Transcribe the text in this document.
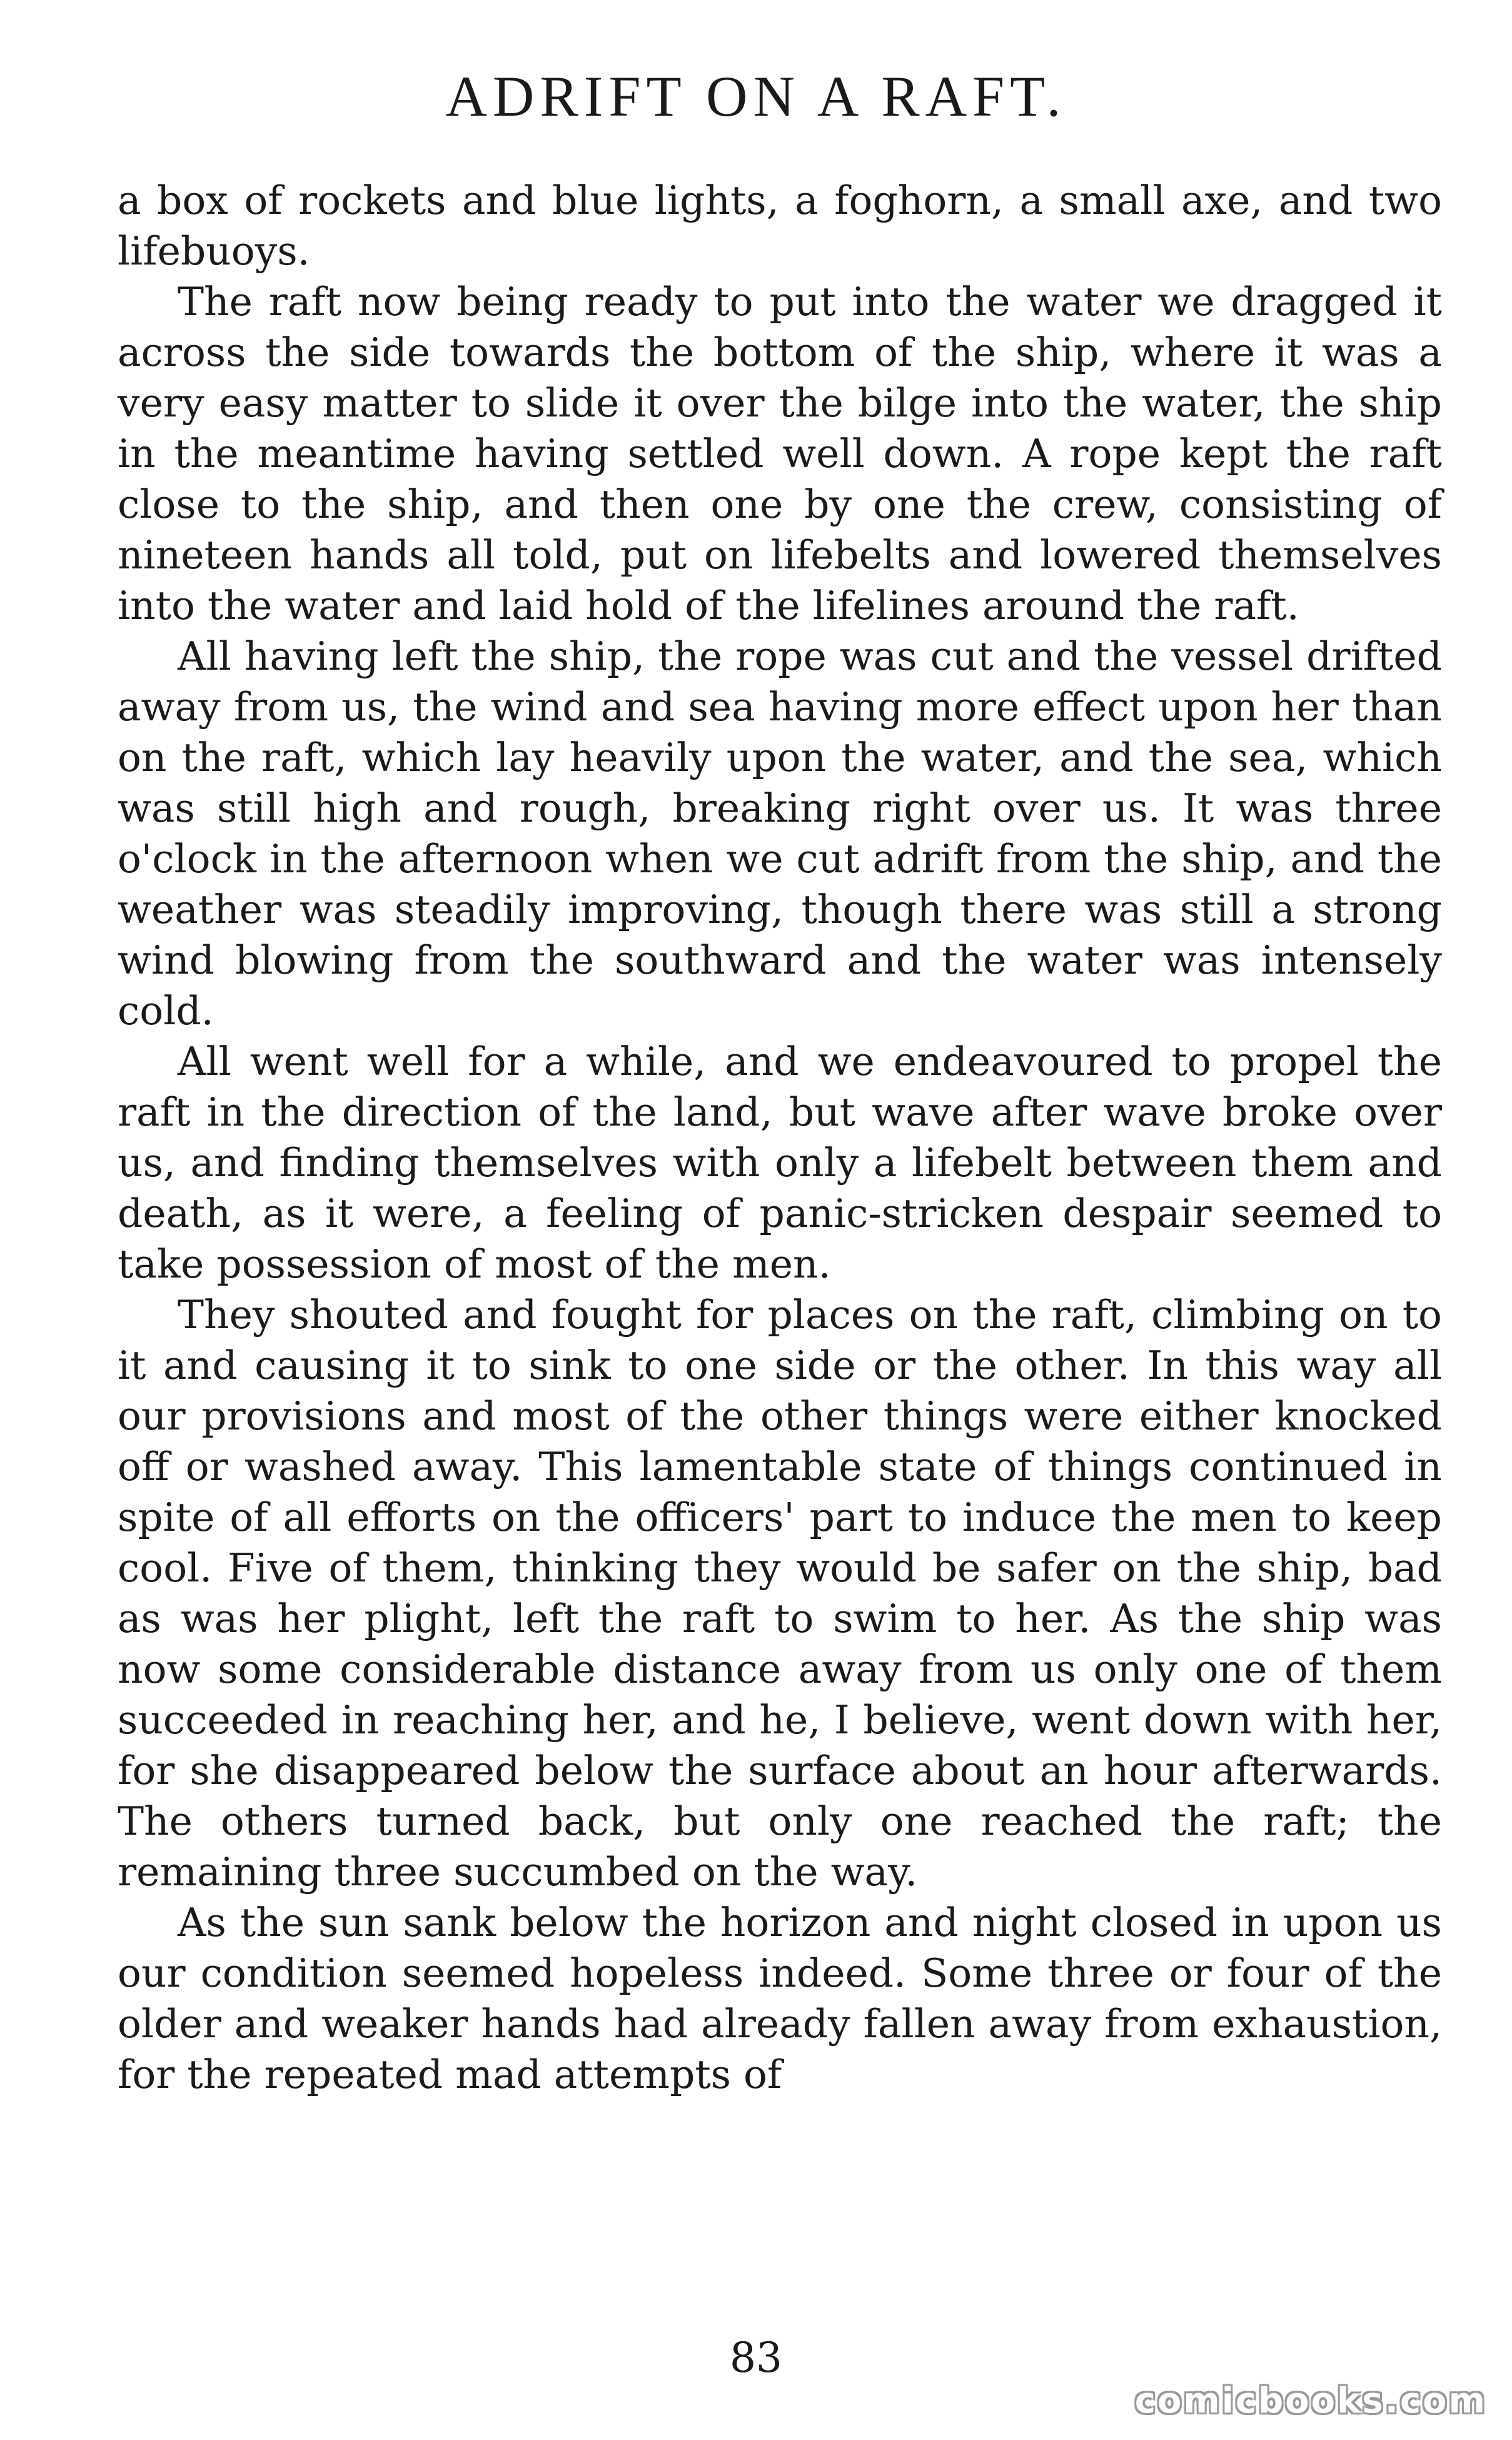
ADRIFT ON A RAFT.

a box of rockets and blue lights, a foghorn, a small axe, and two lifebuoys.

The raft now being ready to put into the water we dragged it across the side towards the bottom of the ship, where it was a very easy matter to slide it over the bilge into the water, the ship in the meantime having settled well down. A rope kept the raft close to the ship, and then one by one the crew, consisting of nineteen hands all told, put on lifebelts and lowered themselves into the water and laid hold of the lifelines around the raft.

All having left the ship, the rope was cut and the vessel drifted away from us, the wind and sea having more effect upon her than on the raft, which lay heavily upon the water, and the sea, which was still high and rough, breaking right over us. It was three o'clock in the afternoon when we cut adrift from the ship, and the weather was steadily improving, though there was still a strong wind blowing from the southward and the water was intensely cold.

All went well for a while, and we endeavoured to propel the raft in the direction of the land, but wave after wave broke over us, and finding themselves with only a lifebelt between them and death, as it were, a feeling of panic-stricken despair seemed to take possession of most of the men.

They shouted and fought for places on the raft, climbing on to it and causing it to sink to one side or the other. In this way all our provisions and most of the other things were either knocked off or washed away. This lamentable state of things continued in spite of all efforts on the officers' part to induce the men to keep cool. Five of them, thinking they would be safer on the ship, bad as was her plight, left the raft to swim to her. As the ship was now some considerable distance away from us only one of them succeeded in reaching her, and he, I believe, went down with her, for she disappeared below the surface about an hour afterwards. The others turned back, but only one reached the raft; the remaining three succumbed on the way.

As the sun sank below the horizon and night closed in upon us our condition seemed hopeless indeed. Some three or four of the older and weaker hands had already fallen away from exhaustion, for the repeated mad attempts of

83
comicbooks.com
